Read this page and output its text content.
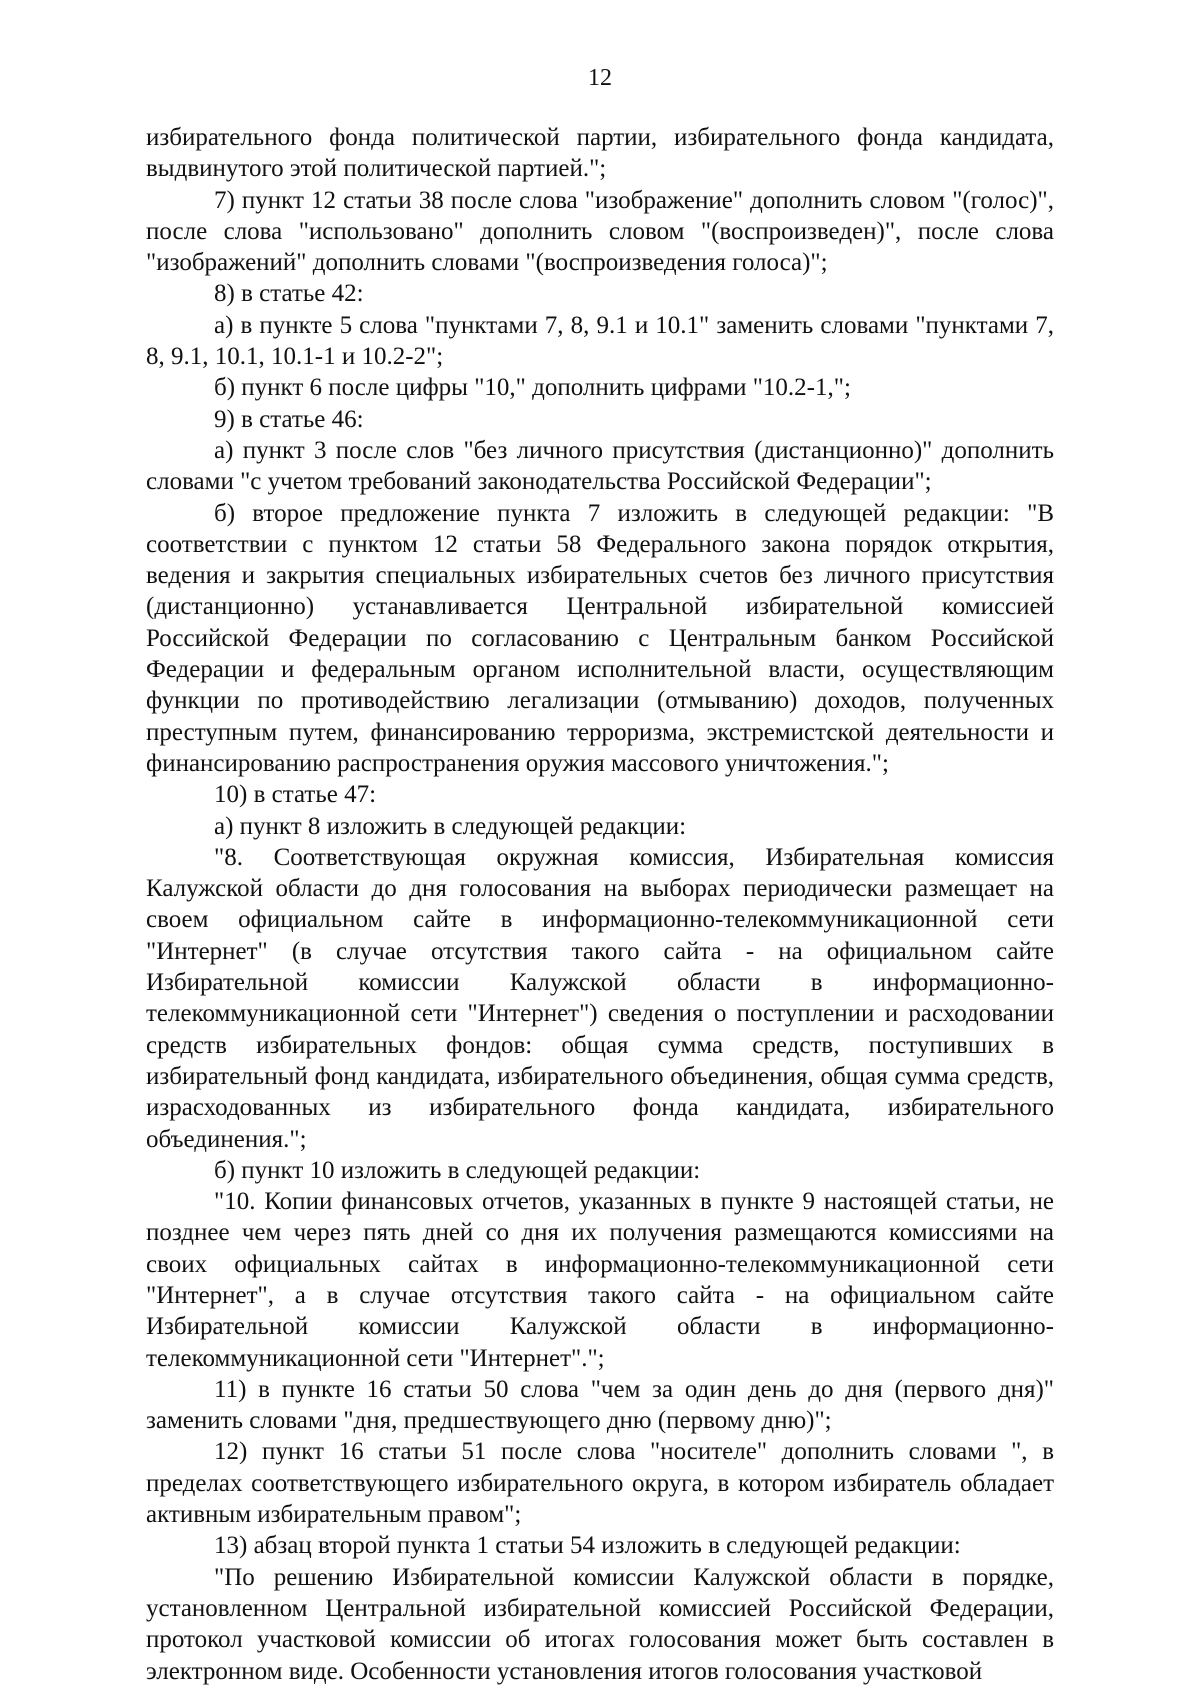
12

избирательного фонда политической партии, избирательного фонда кандидата, выдвинутого этой политической партией.";

7) пункт 12 статьи 38 после слова "изображение" дополнить словом "(голос)", после слова "использовано" дополнить словом "(воспроизведен)", после слова "изображений" дополнить словами "(воспроизведения голоса)";

8) в статье 42:

а) в пункте 5 слова "пунктами 7, 8, 9.1 и 10.1" заменить словами "пунктами 7, 8, 9.1, 10.1, 10.1-1 и 10.2-2";

б) пункт 6 после цифры "10," дополнить цифрами "10.2-1,";

9) в статье 46:

а) пункт 3 после слов "без личного присутствия (дистанционно)" дополнить словами "с учетом требований законодательства Российской Федерации";

б) второе предложение пункта 7 изложить в следующей редакции: "В соответствии с пунктом 12 статьи 58 Федерального закона порядок открытия, ведения и закрытия специальных избирательных счетов без личного присутствия (дистанционно) устанавливается Центральной избирательной комиссией Российской Федерации по согласованию с Центральным банком Российской Федерации и федеральным органом исполнительной власти, осуществляющим функции по противодействию легализации (отмыванию) доходов, полученных преступным путем, финансированию терроризма, экстремистской деятельности и финансированию распространения оружия массового уничтожения.";

10) в статье 47:

а) пункт 8 изложить в следующей редакции:

"8. Соответствующая окружная комиссия, Избирательная комиссия Калужской области до дня голосования на выборах периодически размещает на своем официальном сайте в информационно-телекоммуникационной сети "Интернет" (в случае отсутствия такого сайта - на официальном сайте Избирательной комиссии Калужской области в информационно-телекоммуникационной сети "Интернет") сведения о поступлении и расходовании средств избирательных фондов: общая сумма средств, поступивших в избирательный фонд кандидата, избирательного объединения, общая сумма средств, израсходованных из избирательного фонда кандидата, избирательного объединения.";

б) пункт 10 изложить в следующей редакции:

"10. Копии финансовых отчетов, указанных в пункте 9 настоящей статьи, не позднее чем через пять дней со дня их получения размещаются комиссиями на своих официальных сайтах в информационно-телекоммуникационной сети "Интернет", а в случае отсутствия такого сайта - на официальном сайте Избирательной комиссии Калужской области в информационно-телекоммуникационной сети "Интернет".";

11) в пункте 16 статьи 50 слова "чем за один день до дня (первого дня)" заменить словами "дня, предшествующего дню (первому дню)";

12) пункт 16 статьи 51 после слова "носителе" дополнить словами ", в пределах соответствующего избирательного округа, в котором избиратель обладает активным избирательным правом";

13) абзац второй пункта 1 статьи 54 изложить в следующей редакции:

"По решению Избирательной комиссии Калужской области в порядке, установленном Центральной избирательной комиссией Российской Федерации, протокол участковой комиссии об итогах голосования может быть составлен в электронном виде. Особенности установления итогов голосования участковой
